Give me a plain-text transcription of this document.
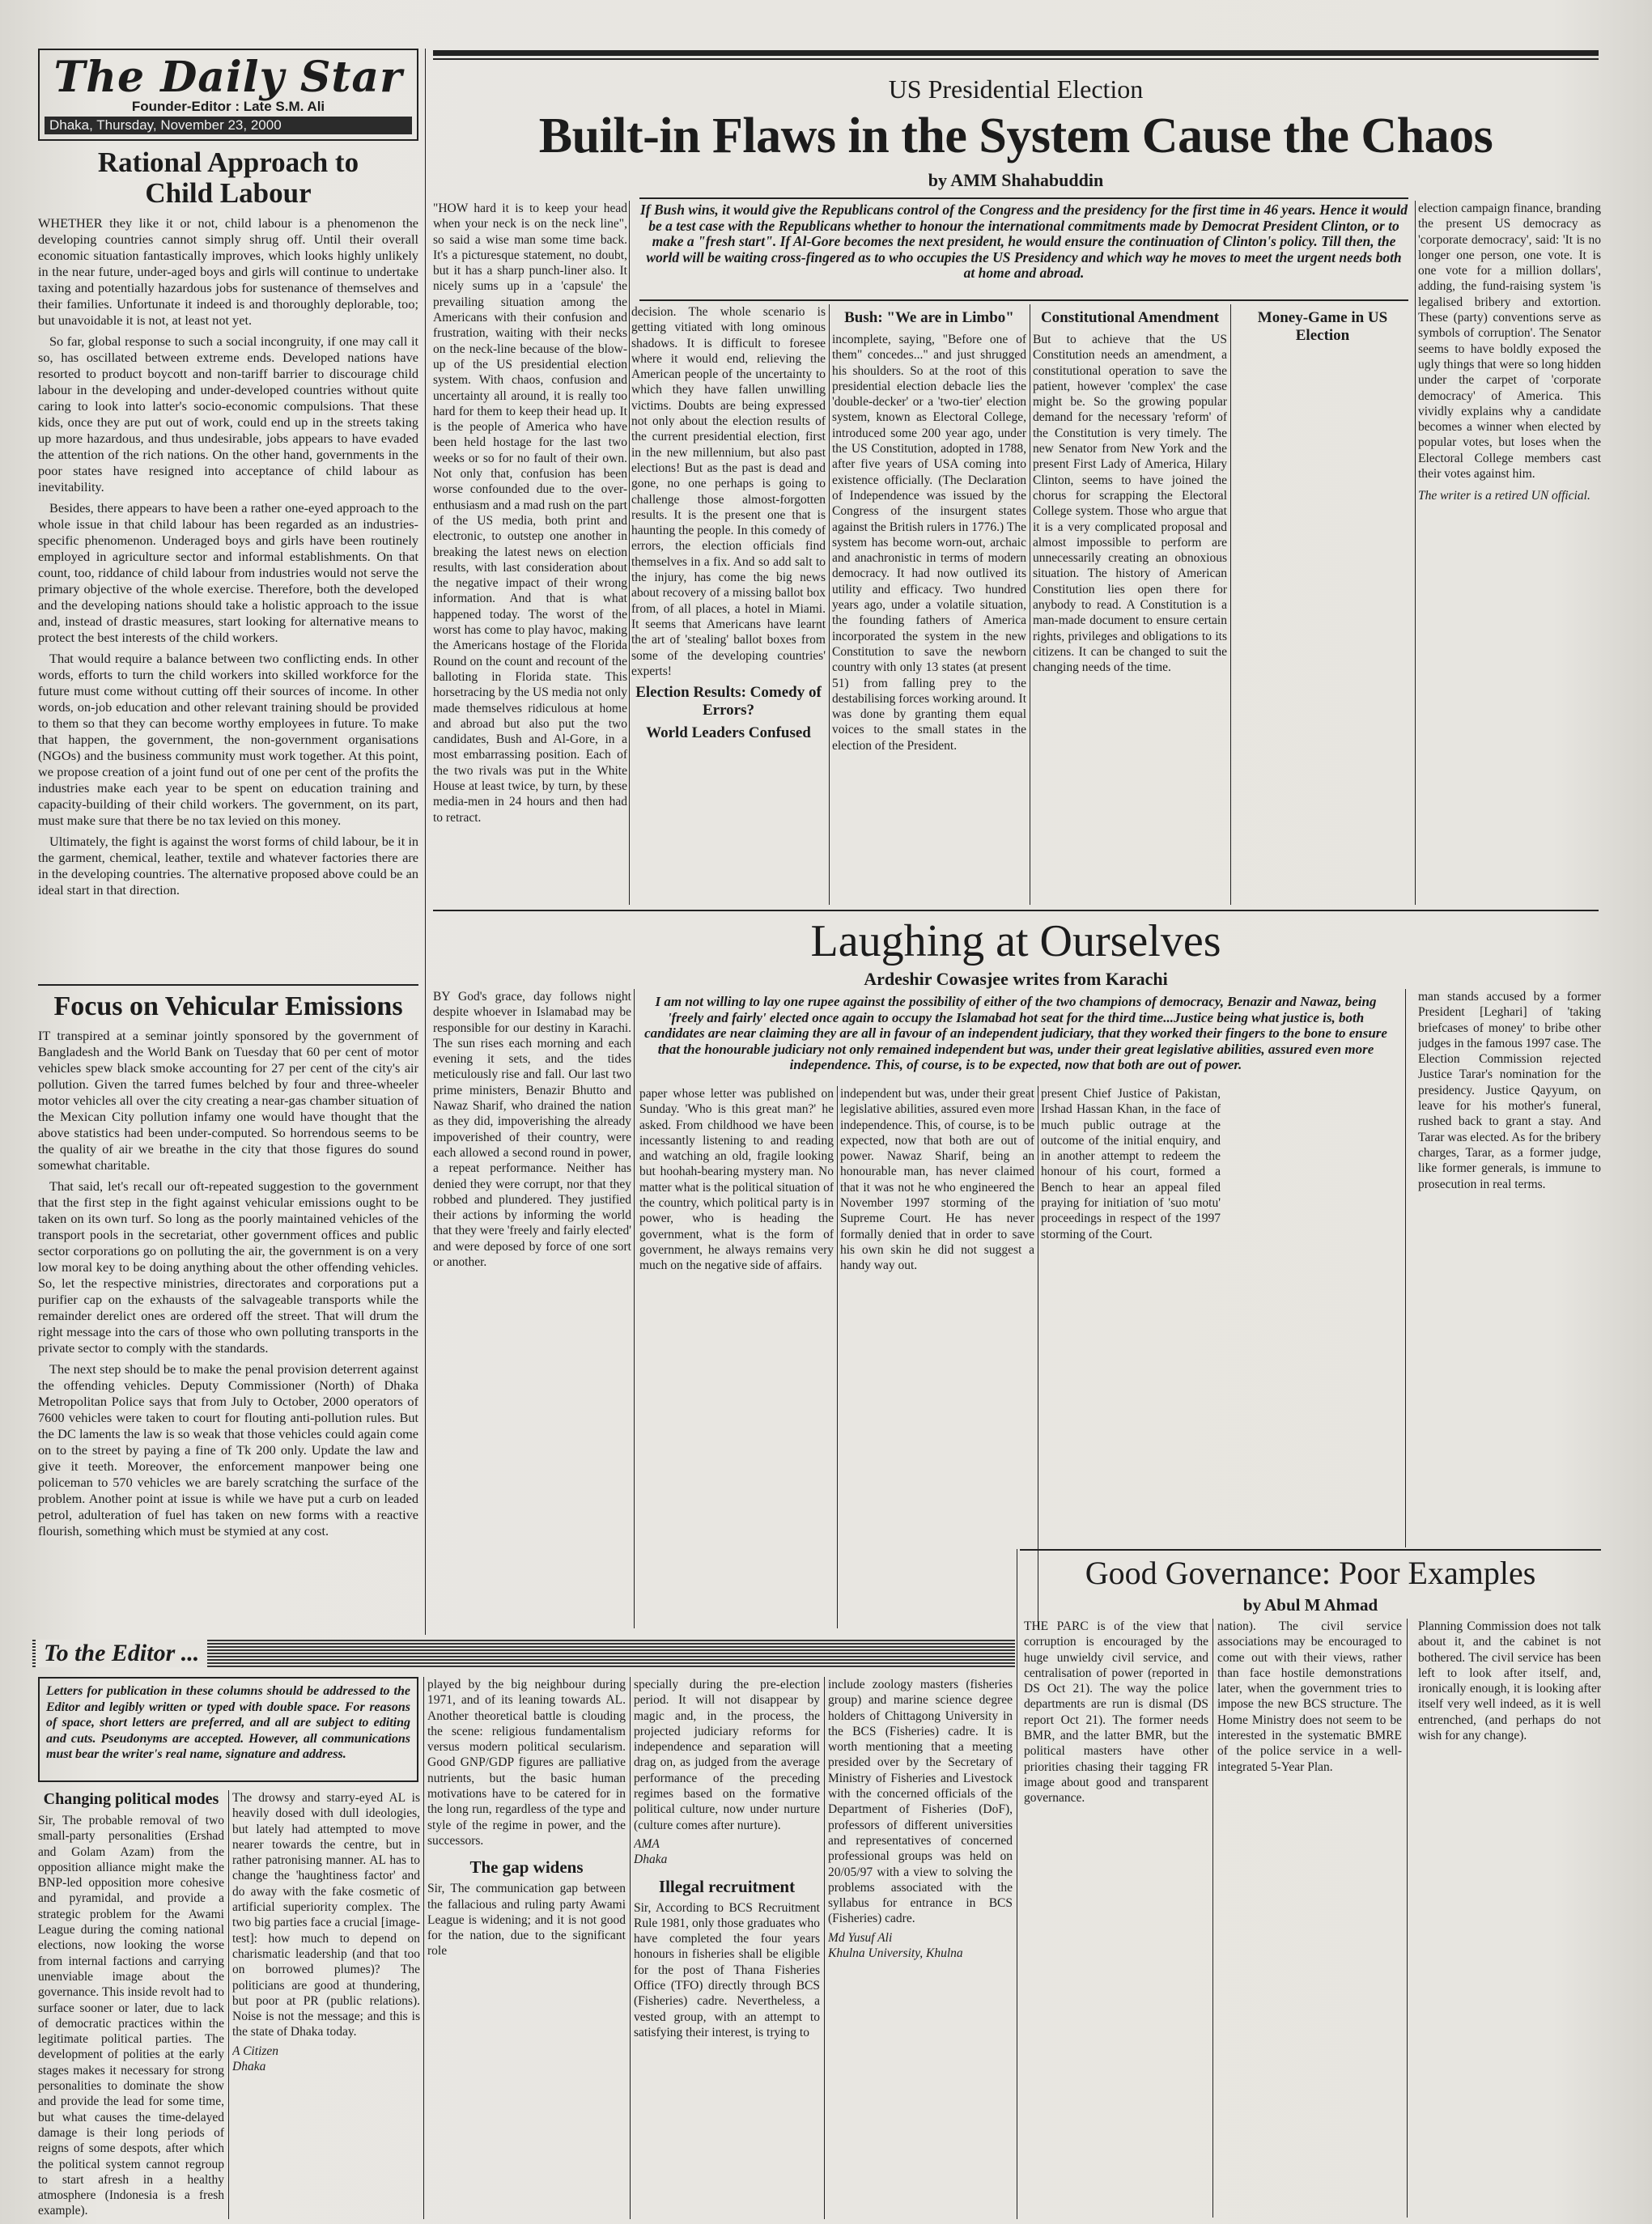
The Daily Star
Founder-Editor : Late S.M. Ali
Dhaka, Thursday, November 23, 2000
Rational Approach to Child Labour

WHETHER they like it or not, child labour is a phenomenon the developing countries cannot simply shrug off. Until their overall economic situation fantastically improves, which looks highly unlikely in the near future, under-aged boys and girls will continue to undertake taxing and potentially hazardous jobs for sustenance of themselves and their families. Unfortunate it indeed is and thoroughly deplorable, too; but unavoidable it is not, at least not yet.

So far, global response to such a social incongruity, if one may call it so, has oscillated between extreme ends. Developed nations have resorted to product boycott and non-tariff barrier to discourage child labour in the developing and under-developed countries without quite caring to look into latter's socio-economic compulsions. That these kids, once they are put out of work, could end up in the streets taking up more hazardous, and thus undesirable, jobs appears to have evaded the attention of the rich nations. On the other hand, governments in the poor states have resigned into acceptance of child labour as inevitability.

Besides, there appears to have been a rather one-eyed approach to the whole issue in that child labour has been regarded as an industries-specific phenomenon. Underaged boys and girls have been routinely employed in agriculture sector and informal establishments. On that count, too, riddance of child labour from industries would not serve the primary objective of the whole exercise. Therefore, both the developed and the developing nations should take a holistic approach to the issue and, instead of drastic measures, start looking for alternative means to protect the best interests of the child workers.

That would require a balance between two conflicting ends. In other words, efforts to turn the child workers into skilled workforce for the future must come without cutting off their sources of income. In other words, on-job education and other relevant training should be provided to them so that they can become worthy employees in future. To make that happen, the government, the non-government organisations (NGOs) and the business community must work together. At this point, we propose creation of a joint fund out of one per cent of the profits the industries make each year to be spent on education training and capacity-building of their child workers. The government, on its part, must make sure that there be no tax levied on this money.

Ultimately, the fight is against the worst forms of child labour, be it in the garment, chemical, leather, textile and whatever factories there are in the developing countries. The alternative proposed above could be an ideal start in that direction.

Focus on Vehicular Emissions

IT transpired at a seminar jointly sponsored by the government of Bangladesh and the World Bank on Tuesday that 60 per cent of motor vehicles spew black smoke accounting for 27 per cent of the city's air pollution. Given the tarred fumes belched by four and three-wheeler motor vehicles all over the city creating a near-gas chamber situation of the Mexican City pollution infamy one would have thought that the above statistics had been under-computed. So horrendous seems to be the quality of air we breathe in the city that those figures do sound somewhat charitable.

That said, let's recall our oft-repeated suggestion to the government that the first step in the fight against vehicular emissions ought to be taken on its own turf. So long as the poorly maintained vehicles of the transport pools in the secretariat, other government offices and public sector corporations go on polluting the air, the government is on a very low moral key to be doing anything about the other offending vehicles. So, let the respective ministries, directorates and corporations put a purifier cap on the exhausts of the salvageable transports while the remainder derelict ones are ordered off the street. That will drum the right message into the cars of those who own polluting transports in the private sector to comply with the standards.

The next step should be to make the penal provision deterrent against the offending vehicles. Deputy Commissioner (North) of Dhaka Metropolitan Police says that from July to October, 2000 operators of 7600 vehicles were taken to court for flouting anti-pollution rules. But the DC laments the law is so weak that those vehicles could again come on to the street by paying a fine of Tk 200 only. Update the law and give it teeth. Moreover, the enforcement manpower being one policeman to 570 vehicles we are barely scratching the surface of the problem. Another point at issue is while we have put a curb on leaded petrol, adulteration of fuel has taken on new forms with a reactive flourish, something which must be stymied at any cost.

US Presidential Election
Built-in Flaws in the System Cause the Chaos
by AMM Shahabuddin
If Bush wins, it would give the Republicans control of the Congress and the presidency for the first time in 46 years. Hence it would be a test case with the Republicans whether to honour the international commitments made by Democrat President Clinton, or to make a "fresh start". If Al-Gore becomes the next president, he would ensure the continuation of Clinton's policy. Till then, the world will be waiting cross-fingered as to who occupies the US Presidency and which way he moves to meet the urgent needs both at home and abroad.
"HOW hard it is to keep your head when your neck is on the neck line", so said a wise man some time back. It's a picturesque statement, no doubt, but it has a sharp punch-liner also. It nicely sums up in a 'capsule' the prevailing situation among the Americans with their confusion and frustration, waiting with their necks on the neck-line because of the blow-up of the US presidential election system. With chaos, confusion and uncertainty all around, it is really too hard for them to keep their head up. It is the people of America who have been held hostage for the last two weeks or so for no fault of their own. Not only that, confusion has been worse confounded due to the over-enthusiasm and a mad rush on the part of the US media, both print and electronic, to outstep one another in breaking the latest news on election results, with last consideration about the negative impact of their wrong information. And that is what happened today. The worst of the worst has come to play havoc, making the Americans hostage of the Florida Round on the count and recount of the balloting in Florida state. This horsetracing by the US media not only made themselves ridiculous at home and abroad but also put the two candidates, Bush and Al-Gore, in a most embarrassing position. Each of the two rivals was put in the White House at least twice, by turn, by these media-men in 24 hours and then had to retract.
decision. The whole scenario is getting vitiated with long ominous shadows. It is difficult to foresee where it would end, relieving the American people of the uncertainty to which they have fallen unwilling victims. Doubts are being expressed not only about the election results of the current presidential election, first in the new millennium, but also past elections! But as the past is dead and gone, no one perhaps is going to challenge those almost-forgotten results. It is the present one that is haunting the people. In this comedy of errors, the election officials find themselves in a fix. And so add salt to the injury, has come the big news about recovery of a missing ballot box from, of all places, a hotel in Miami. It seems that Americans have learnt the art of 'stealing' ballot boxes from some of the developing countries' experts!
Election Results: Comedy of Errors?
World Leaders Confused
Bush: "We are in Limbo"
incomplete, saying, "Before one of them" concedes..." and just shrugged his shoulders. So at the root of this presidential election debacle lies the 'double-decker' or a 'two-tier' election system, known as Electoral College, introduced some 200 year ago, under the US Constitution, adopted in 1788, after five years of USA coming into existence officially. (The Declaration of Independence was issued by the Congress of the insurgent states against the British rulers in 1776.) The system has become worn-out, archaic and anachronistic in terms of modern democracy. It had now outlived its utility and efficacy. Two hundred years ago, under a volatile situation, the founding fathers of America incorporated the system in the new Constitution to save the newborn country with only 13 states (at present 51) from falling prey to the destabilising forces working around. It was done by granting them equal voices to the small states in the election of the President.
Constitutional Amendment
But to achieve that the US Constitution needs an amendment, a constitutional operation to save the patient, however 'complex' the case might be. So the growing popular demand for the necessary 'reform' of the Constitution is very timely. The new Senator from New York and the present First Lady of America, Hilary Clinton, seems to have joined the chorus for scrapping the Electoral College system. Those who argue that it is a very complicated proposal and almost impossible to perform are unnecessarily creating an obnoxious situation. The history of American Constitution lies open there for anybody to read. A Constitution is a man-made document to ensure certain rights, privileges and obligations to its citizens. It can be changed to suit the changing needs of the time.
Money-Game in US Election
election campaign finance, branding the present US democracy as 'corporate democracy', said: 'It is no longer one person, one vote. It is one vote for a million dollars', adding, the fund-raising system 'is legalised bribery and extortion. These (party) conventions serve as symbols of corruption'. The Senator seems to have boldly exposed the ugly things that were so long hidden under the carpet of 'corporate democracy' of America. This vividly explains why a candidate becomes a winner when elected by popular votes, but loses when the Electoral College members cast their votes against him.
The writer is a retired UN official.
Laughing at Ourselves
Ardeshir Cowasjee writes from Karachi
I am not willing to lay one rupee against the possibility of either of the two champions of democracy, Benazir and Nawaz, being 'freely and fairly' elected once again to occupy the Islamabad hot seat for the third time...Justice being what justice is, both candidates are near claiming they are all in favour of an independent judiciary, that they worked their fingers to the bone to ensure that the honourable judiciary not only remained independent but was, under their great legislative abilities, assured even more independence. This, of course, is to be expected, now that both are out of power.
BY God's grace, day follows night despite whoever in Islamabad may be responsible for our destiny in Karachi. The sun rises each morning and each evening it sets, and the tides meticulously rise and fall. Our last two prime ministers, Benazir Bhutto and Nawaz Sharif, who drained the nation as they did, impoverishing the already impoverished of their country, were each allowed a second round in power, a repeat performance. Neither has denied they were corrupt, nor that they robbed and plundered. They justified their actions by informing the world that they were 'freely and fairly elected' and were deposed by force of one sort or another.
paper whose letter was published on Sunday. 'Who is this great man?' he asked. From childhood we have been incessantly listening to and reading and watching an old, fragile looking but hoohah-bearing mystery man. No matter what is the political situation of the country, which political party is in power, who is heading the government, what is the form of government, he always remains very much on the negative side of affairs.
independent but was, under their great legislative abilities, assured even more independence. This, of course, is to be expected, now that both are out of power. Nawaz Sharif, being an honourable man, has never claimed that it was not he who engineered the November 1997 storming of the Supreme Court. He has never formally denied that in order to save his own skin he did not suggest a handy way out.
present Chief Justice of Pakistan, Irshad Hassan Khan, in the face of much public outrage at the outcome of the initial enquiry, and in another attempt to redeem the honour of his court, formed a Bench to hear an appeal filed praying for initiation of 'suo motu' proceedings in respect of the 1997 storming of the Court.
man stands accused by a former President [Leghari] of 'taking briefcases of money' to bribe other judges in the famous 1997 case. The Election Commission rejected Justice Tarar's nomination for the presidency. Justice Qayyum, on leave for his mother's funeral, rushed back to grant a stay. And Tarar was elected. As for the bribery charges, Tarar, as a former judge, like former generals, is immune to prosecution in real terms.
Good Governance: Poor Examples
by Abul M Ahmad
THE PARC is of the view that corruption is encouraged by the huge unwieldy civil service, and centralisation of power (reported in DS Oct 21). The way the police departments are run is dismal (DS report Oct 21). The former needs BMR, and the latter BMR, but the political masters have other priorities chasing their tagging FR image about good and transparent governance.
nation). The civil service associations may be encouraged to come out with their views, rather than face hostile demonstrations later, when the government tries to impose the new BCS structure. The Home Ministry does not seem to be interested in the systematic BMRE of the police service in a well-integrated 5-Year Plan.
Planning Commission does not talk about it, and the cabinet is not bothered. The civil service has been left to look after itself, and, ironically enough, it is looking after itself very well indeed, as it is well entrenched, (and perhaps do not wish for any change).
To the Editor ...
Letters for publication in these columns should be addressed to the Editor and legibly written or typed with double space. For reasons of space, short letters are preferred, and all are subject to editing and cuts. Pseudonyms are accepted. However, all communications must bear the writer's real name, signature and address.
Changing political modes
Sir, The probable removal of two small-party personalities (Ershad and Golam Azam) from the opposition alliance might make the BNP-led opposition more cohesive and pyramidal, and provide a strategic problem for the Awami League during the coming national elections, now looking the worse from internal factions and carrying unenviable image about the governance. This inside revolt had to surface sooner or later, due to lack of democratic practices within the legitimate political parties. The development of polities at the early stages makes it necessary for strong personalities to dominate the show and provide the lead for some time, but what causes the time-delayed damage is their long periods of reigns of some despots, after which the political system cannot regroup to start afresh in a healthy atmosphere (Indonesia is a fresh example).
The drowsy and starry-eyed AL is heavily dosed with dull ideologies, but lately had attempted to move nearer towards the centre, but in rather patronising manner. AL has to change the 'haughtiness factor' and do away with the fake cosmetic of artificial superiority complex. The two big parties face a crucial [image-test]: how much to depend on charismatic leadership (and that too on borrowed plumes)? The politicians are good at thundering, but poor at PR (public relations). Noise is not the message; and this is the state of Dhaka today.
A Citizen
Dhaka
played by the big neighbour during 1971, and of its leaning towards AL. Another theoretical battle is clouding the scene: religious fundamentalism versus modern political secularism. Good GNP/GDP figures are palliative nutrients, but the basic human motivations have to be catered for in the long run, regardless of the type and style of the regime in power, and the successors.
The gap widens
Sir, The communication gap between the fallacious and ruling party Awami League is widening; and it is not good for the nation, due to the significant role
specially during the pre-election period. It will not disappear by magic and, in the process, the projected judiciary reforms for independence and separation will drag on, as judged from the average performance of the preceding regimes based on the formative political culture, now under nurture (culture comes after nurture).
AMA
Dhaka
Illegal recruitment
Sir, According to BCS Recruitment Rule 1981, only those graduates who have completed the four years honours in fisheries shall be eligible for the post of Thana Fisheries Office (TFO) directly through BCS (Fisheries) cadre. Nevertheless, a vested group, with an attempt to satisfying their interest, is trying to
include zoology masters (fisheries group) and marine science degree holders of Chittagong University in the BCS (Fisheries) cadre. It is worth mentioning that a meeting presided over by the Secretary of Ministry of Fisheries and Livestock with the concerned officials of the Department of Fisheries (DoF), professors of different universities and representatives of concerned professional groups was held on 20/05/97 with a view to solving the problems associated with the syllabus for entrance in BCS (Fisheries) cadre.
Md Yusuf Ali
Khulna University, Khulna
